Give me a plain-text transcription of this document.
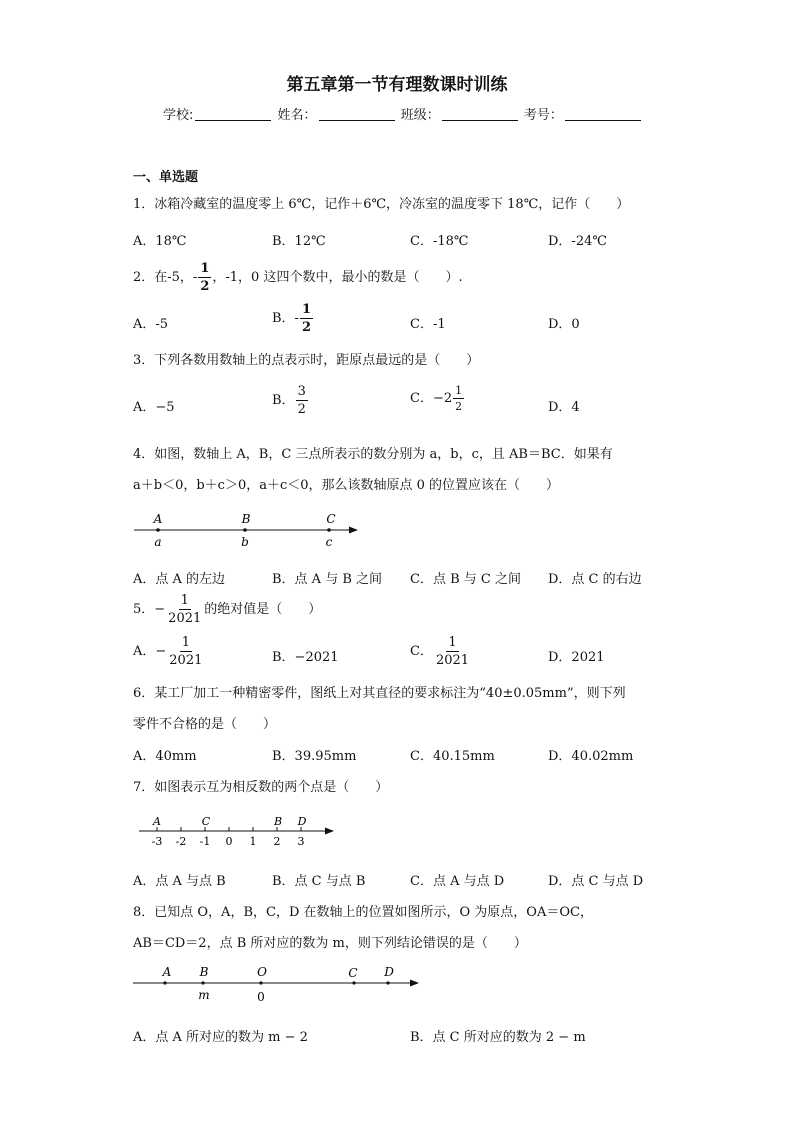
第五章第一节有理数课时训练
学校:	姓名：	班级：	考号：
一、单选题
1．冰箱冷藏室的温度零上 6℃，记作＋6℃，冷冻室的温度零下 18℃，记作（　　）
A．18℃	B．12℃	C．-18℃	D．-24℃
2．在-5，- $\frac{1}{2}$ ，-1，0 这四个数中，最小的数是（　　）.
A．-5	B．- $\frac{1}{2}$	C．-1	D．0
3．下列各数用数轴上的点表示时，距原点最远的是（　　）
A．−5	B． $\frac{3}{2}$	C．$-2 \frac{1}{2}$	D．4
4．如图，数轴上 A，B，C 三点所表示的数分别为 a，b，c，且 AB＝BC．如果有
a＋b＜0，b＋c＞0，a＋c＜0，那么该数轴原点 0 的位置应该在（　　）
A	B	C
a	b	c
A．点 A 的左边	B．点 A 与 B 之间 C．点 B 与 C 之间 D．点 C 的右边
5．− $\frac{1}{2021}$ 的绝对值是（　　）
A．− $\frac{1}{2021}$	B．−2021	C． $\frac{1}{2021}$	D．2021
6．某工厂加工一种精密零件，图纸上对其直径的要求标注为“40±0.05mm”，则下列
零件不合格的是（　　）
A．40mm	B．39.95mm	C．40.15mm	D．40.02mm
7．如图表示互为相反数的两个点是（　　）
-3 -2 -1 0 1 2 3
A	C	B D
A．点 A 与点 B	B．点 C 与点 B	C．点 A 与点 D	D．点 C 与点 D
8．已知点 O，A，B，C，D 在数轴上的位置如图所示，O 为原点，OA＝OC，
AB＝CD＝2，点 B 所对应的数为 m，则下列结论错误的是（　　）
A B	O	C D
m	0
A．点 A 所对应的数为 m − 2	B．点 C 所对应的数为 2 − m
